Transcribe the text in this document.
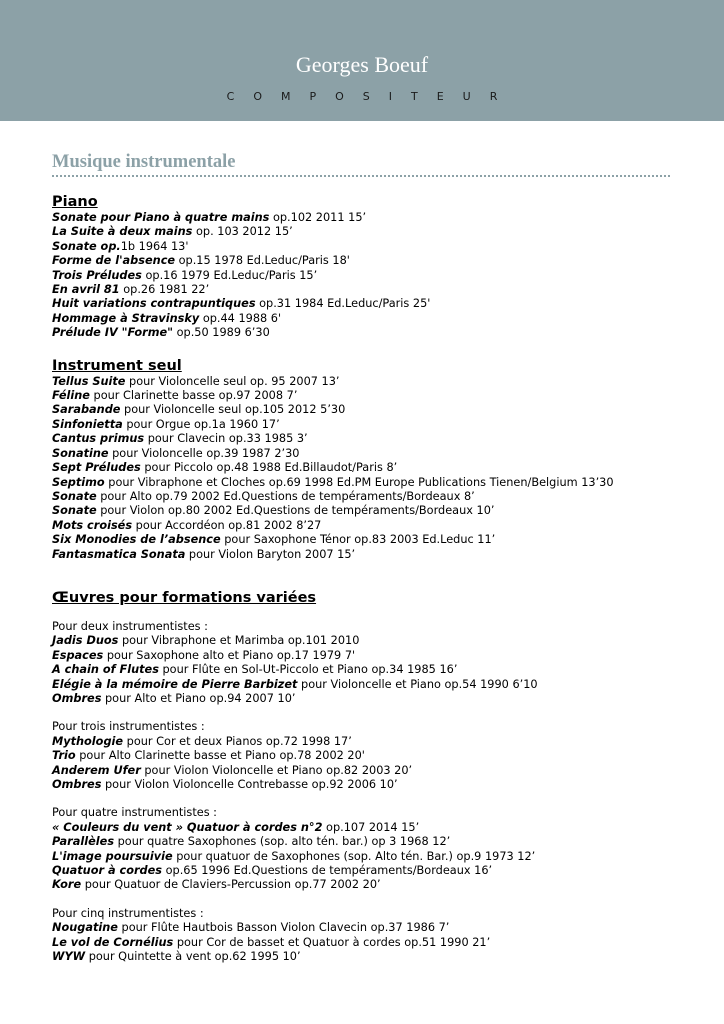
Georges Boeuf
COMPOSITEUR
Musique instrumentale
Piano
Sonate pour Piano à quatre mains op.102 2011 15’
La Suite à deux mains op. 103 2012 15’
Sonate op.1b 1964 13'
Forme de l'absence op.15 1978 Ed.Leduc/Paris 18'
Trois Préludes op.16 1979 Ed.Leduc/Paris 15’
En avril 81 op.26 1981 22’
Huit variations contrapuntiques op.31 1984 Ed.Leduc/Paris 25'
Hommage à Stravinsky op.44 1988 6'
Prélude IV "Forme" op.50 1989 6’30
Instrument seul
Tellus Suite pour Violoncelle seul op. 95 2007 13’
Féline pour Clarinette basse op.97 2008 7’
Sarabande pour Violoncelle seul op.105 2012 5’30
Sinfonietta pour Orgue op.1a 1960 17’
Cantus primus pour Clavecin op.33 1985 3’
Sonatine pour Violoncelle op.39 1987 2’30
Sept Préludes pour Piccolo op.48 1988 Ed.Billaudot/Paris 8’
Septimo pour Vibraphone et Cloches op.69 1998 Ed.PM Europe Publications Tienen/Belgium 13’30
Sonate pour Alto op.79 2002 Ed.Questions de tempéraments/Bordeaux 8’
Sonate pour Violon op.80 2002 Ed.Questions de tempéraments/Bordeaux 10’
Mots croisés pour Accordéon op.81 2002 8’27
Six Monodies de l’absence pour Saxophone Ténor op.83 2003 Ed.Leduc 11’
Fantasmatica Sonata pour Violon Baryton 2007 15’
Œuvres pour formations variées
Pour deux instrumentistes :
Jadis Duos pour Vibraphone et Marimba op.101 2010
Espaces pour Saxophone alto et Piano op.17 1979 7'
A chain of Flutes pour Flûte en Sol-Ut-Piccolo et Piano op.34 1985 16’
Elégie à la mémoire de Pierre Barbizet pour Violoncelle et Piano op.54 1990 6’10
Ombres pour Alto et Piano op.94 2007 10’
Pour trois instrumentistes :
Mythologie pour Cor et deux Pianos op.72 1998 17’
Trio pour Alto Clarinette basse et Piano op.78 2002 20'
Anderem Ufer pour Violon Violoncelle et Piano op.82 2003 20’
Ombres pour Violon Violoncelle Contrebasse op.92 2006 10’
Pour quatre instrumentistes :
« Couleurs du vent » Quatuor à cordes n°2 op.107 2014 15’
Parallèles pour quatre Saxophones (sop. alto tén. bar.) op 3 1968 12’
L'image poursuivie pour quatuor de Saxophones (sop. Alto tén. Bar.) op.9 1973 12’
Quatuor à cordes op.65 1996 Ed.Questions de tempéraments/Bordeaux 16’
Kore pour Quatuor de Claviers-Percussion op.77 2002 20’
Pour cinq instrumentistes :
Nougatine pour Flûte Hautbois Basson Violon Clavecin op.37 1986 7’
Le vol de Cornélius pour Cor de basset et Quatuor à cordes op.51 1990 21’
WYW pour Quintette à vent op.62 1995 10’
